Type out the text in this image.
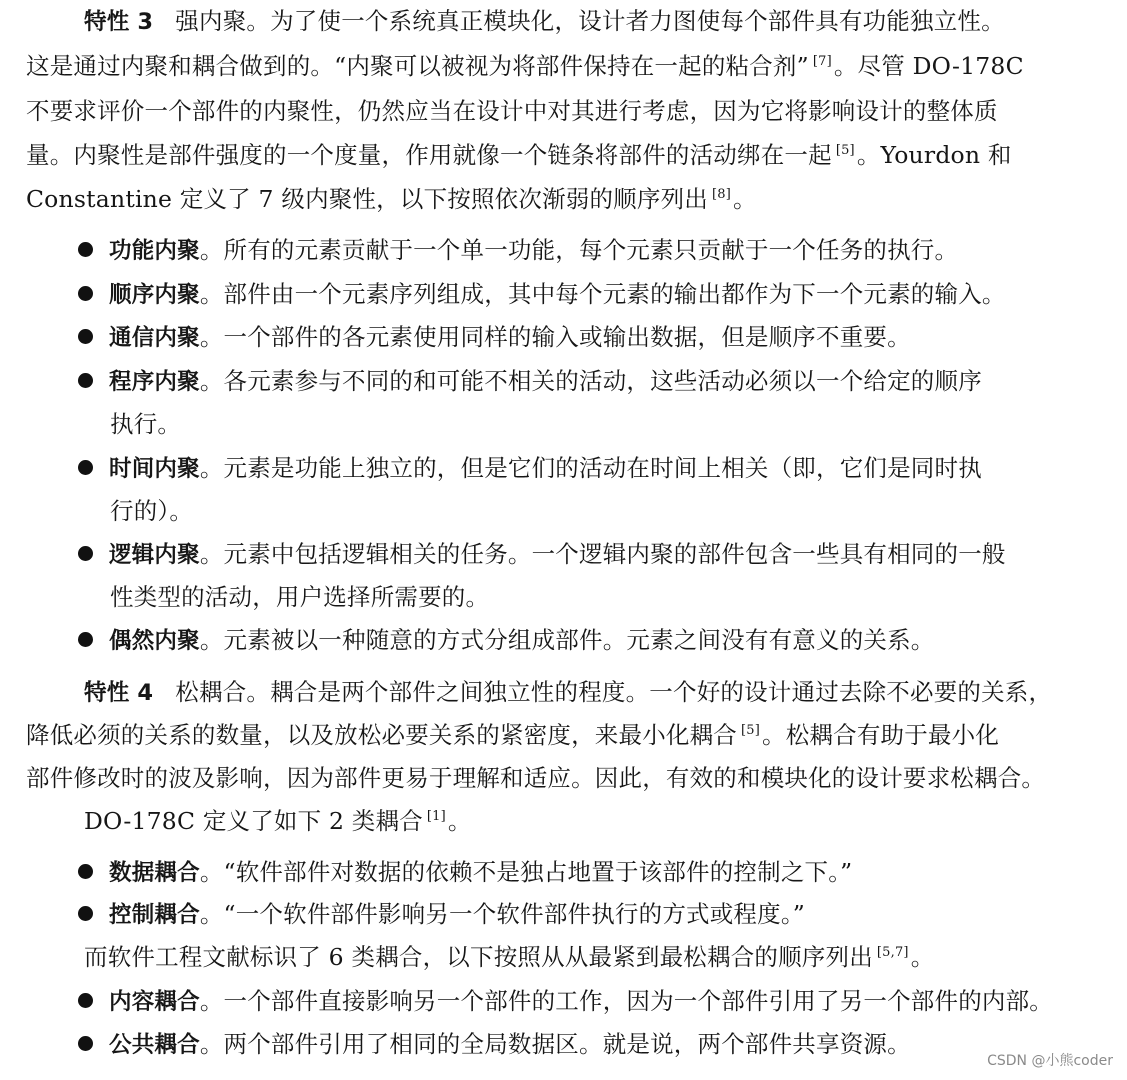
特性 3 强内聚。为了使一个系统真正模块化，设计者力图使每个部件具有功能独立性。
这是通过内聚和耦合做到的。“内聚可以被视为将部件保持在一起的粘合剂” [7]。尽管 DO-178C
不要求评价一个部件的内聚性，仍然应当在设计中对其进行考虑，因为它将影响设计的整体质
量。内聚性是部件强度的一个度量，作用就像一个链条将部件的活动绑在一起 [5]。Yourdon 和
Constantine 定义了 7 级内聚性，以下按照依次渐弱的顺序列出 [8]。
功能内聚。所有的元素贡献于一个单一功能，每个元素只贡献于一个任务的执行。
顺序内聚。部件由一个元素序列组成，其中每个元素的输出都作为下一个元素的输入。
通信内聚。一个部件的各元素使用同样的输入或输出数据，但是顺序不重要。
程序内聚。各元素参与不同的和可能不相关的活动，这些活动必须以一个给定的顺序
执行。
时间内聚。元素是功能上独立的，但是它们的活动在时间上相关（即，它们是同时执
行的）。
逻辑内聚。元素中包括逻辑相关的任务。一个逻辑内聚的部件包含一些具有相同的一般
性类型的活动，用户选择所需要的。
偶然内聚。元素被以一种随意的方式分组成部件。元素之间没有有意义的关系。
特性 4 松耦合。耦合是两个部件之间独立性的程度。一个好的设计通过去除不必要的关系，
降低必须的关系的数量，以及放松必要关系的紧密度，来最小化耦合 [5]。松耦合有助于最小化
部件修改时的波及影响，因为部件更易于理解和适应。因此，有效的和模块化的设计要求松耦合。
DO-178C 定义了如下 2 类耦合 [1]。
数据耦合。“软件部件对数据的依赖不是独占地置于该部件的控制之下。”
控制耦合。“一个软件部件影响另一个软件部件执行的方式或程度。”
而软件工程文献标识了 6 类耦合，以下按照从从最紧到最松耦合的顺序列出 [5,7]。
内容耦合。一个部件直接影响另一个部件的工作，因为一个部件引用了另一个部件的内部。
公共耦合。两个部件引用了相同的全局数据区。就是说，两个部件共享资源。
CSDN @小熊coder
